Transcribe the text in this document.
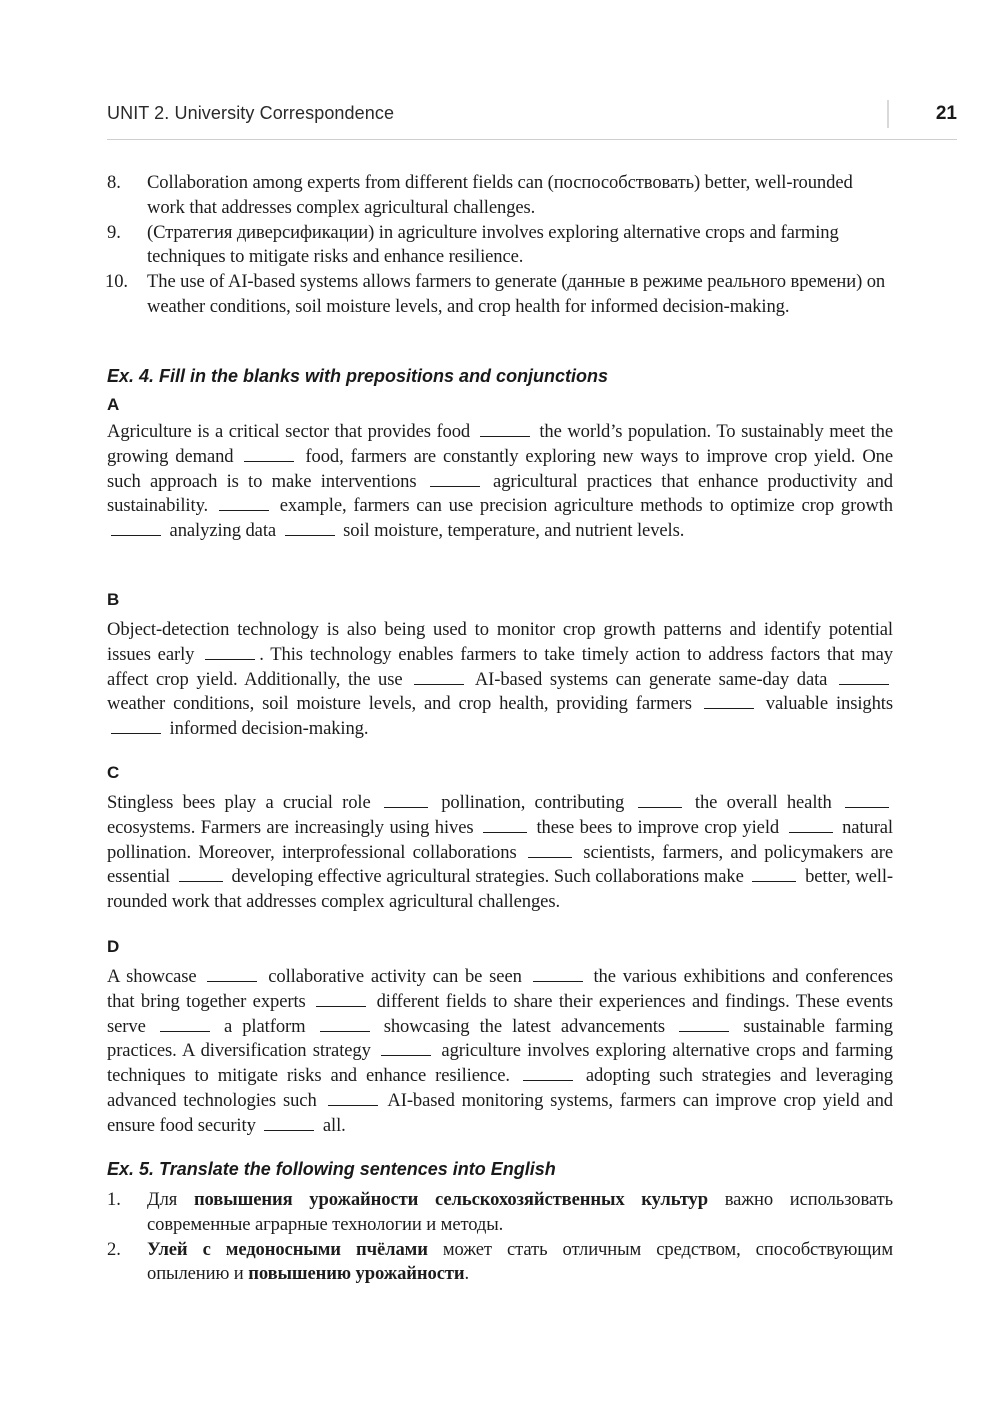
UNIT 2. University Correspondence	21
8. Collaboration among experts from different fields can (поспособствовать) better, well-rounded work that addresses complex agricultural challenges.
9. (Стратегия диверсификации) in agriculture involves exploring alternative crops and farming techniques to mitigate risks and enhance resilience.
10. The use of AI-based systems allows farmers to generate (данные в режиме реального времени) on weather conditions, soil moisture levels, and crop health for informed decision-making.
Ex. 4. Fill in the blanks with prepositions and conjunctions
A

Agriculture is a critical sector that provides food	the world’s population. To sustainably meet the growing demand	food, farmers are constantly exploring new ways to improve crop yield. One such approach is to make interventions	agricultural practices that enhance productivity and sustainability.	example, farmers can use precision agriculture methods to optimize crop growth  analyzing data	soil moisture, temperature, and nutrient levels.

B

Object-detection technology is also being used to monitor crop growth patterns and identify potential issues early	. This technology enables farmers to take timely action to address factors that may affect crop yield. Additionally, the use	AI-based systems can generate same-day data  weather conditions, soil moisture levels, and crop health, providing farmers	valuable insights  informed decision-making.

C

Stingless bees play a crucial role	pollination, contributing	the overall health  ecosystems. Farmers are increasingly using hives	these bees to improve crop yield	natural pollination. Moreover, interprofessional collaborations	scientists, farmers, and policymakers are essential	developing effective agricultural strategies. Such collaborations make	better, well-rounded work that addresses complex agricultural challenges.

D

A showcase	collaborative activity can be seen	the various exhibitions and conferences that bring together experts	different fields to share their experiences and findings. These events serve	a platform	showcasing the latest advancements	sustainable farming practices. A diversification strategy	agriculture involves exploring alternative crops and farming techniques to mitigate risks and enhance resilience.	adopting such strategies and leveraging advanced technologies such	AI-based monitoring systems, farmers can improve crop yield and ensure food security	all.

Ex. 5. Translate the following sentences into English
1. Для повышения урожайности сельскохозяйственных культур важно использовать современные аграрные технологии и методы.
2. Улей с медоносными пчёлами может стать отличным средством, способствующим опылению и повышению урожайности.
